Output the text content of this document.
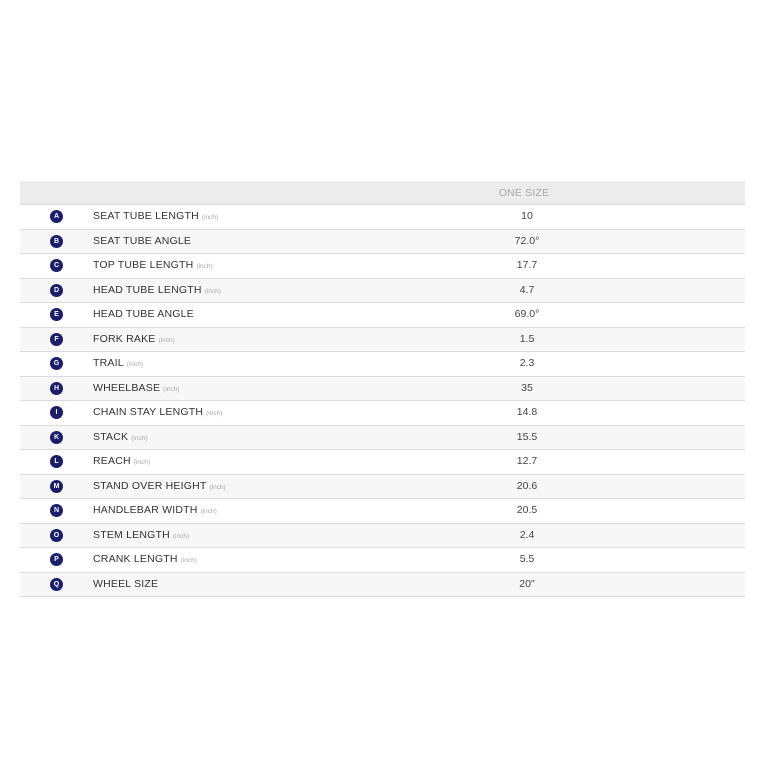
ONE SIZE
A	SEAT TUBE LENGTH (inch)	10
B	SEAT TUBE ANGLE	72.0°
C	TOP TUBE LENGTH (inch)	17.7
D	HEAD TUBE LENGTH (inch)	4.7
E	HEAD TUBE ANGLE	69.0°
F	FORK RAKE (inch)	1.5
G	TRAIL (inch)	2.3
H	WHEELBASE (inch)	35
I	CHAIN STAY LENGTH (inch)	14.8
K	STACK (inch)	15.5
L	REACH (inch)	12.7
M	STAND OVER HEIGHT (inch)	20.6
N	HANDLEBAR WIDTH (inch)	20.5
O	STEM LENGTH (inch)	2.4
P	CRANK LENGTH (inch)	5.5
Q	WHEEL SIZE	20"
